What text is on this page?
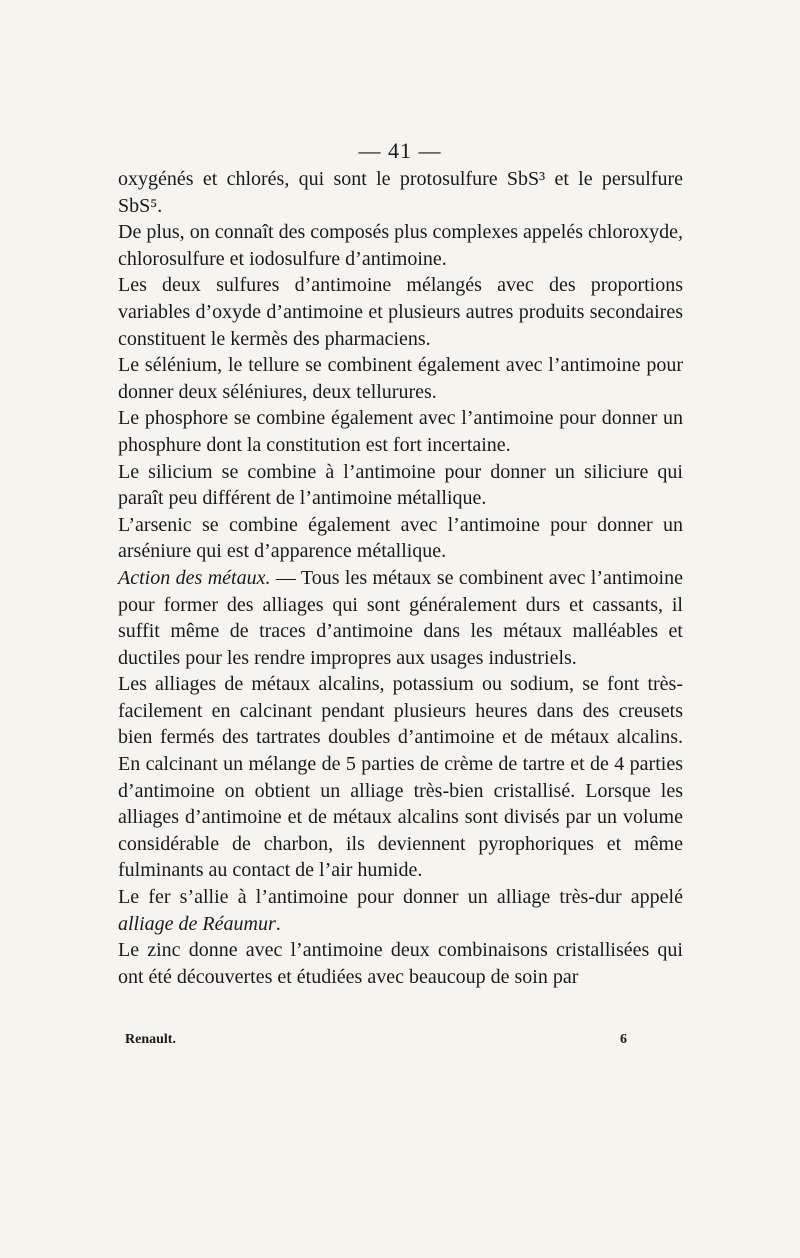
— 41 —

oxygénés et chlorés, qui sont le protosulfure SbS³ et le persulfure SbS⁵.

De plus, on connaît des composés plus complexes appelés chloroxyde, chlorosulfure et iodosulfure d’antimoine.

Les deux sulfures d’antimoine mélangés avec des proportions variables d’oxyde d’antimoine et plusieurs autres produits secondaires constituent le kermès des pharmaciens.

Le sélénium, le tellure se combinent également avec l’antimoine pour donner deux séléniures, deux tellurures.

Le phosphore se combine également avec l’antimoine pour donner un phosphure dont la constitution est fort incertaine.

Le silicium se combine à l’antimoine pour donner un siliciure qui paraît peu différent de l’antimoine métallique.

L’arsenic se combine également avec l’antimoine pour donner un arséniure qui est d’apparence métallique.

Action des métaux. — Tous les métaux se combinent avec l’antimoine pour former des alliages qui sont généralement durs et cassants, il suffit même de traces d’antimoine dans les métaux malléables et ductiles pour les rendre impropres aux usages industriels.

Les alliages de métaux alcalins, potassium ou sodium, se font très-facilement en calcinant pendant plusieurs heures dans des creusets bien fermés des tartrates doubles d’antimoine et de métaux alcalins. En calcinant un mélange de 5 parties de crème de tartre et de 4 parties d’antimoine on obtient un alliage très-bien cristallisé. Lorsque les alliages d’antimoine et de métaux alcalins sont divisés par un volume considérable de charbon, ils deviennent pyrophoriques et même fulminants au contact de l’air humide.

Le fer s’allie à l’antimoine pour donner un alliage très-dur appelé alliage de Réaumur.

Le zinc donne avec l’antimoine deux combinaisons cristallisées qui ont été découvertes et étudiées avec beaucoup de soin par

Renault.	6
